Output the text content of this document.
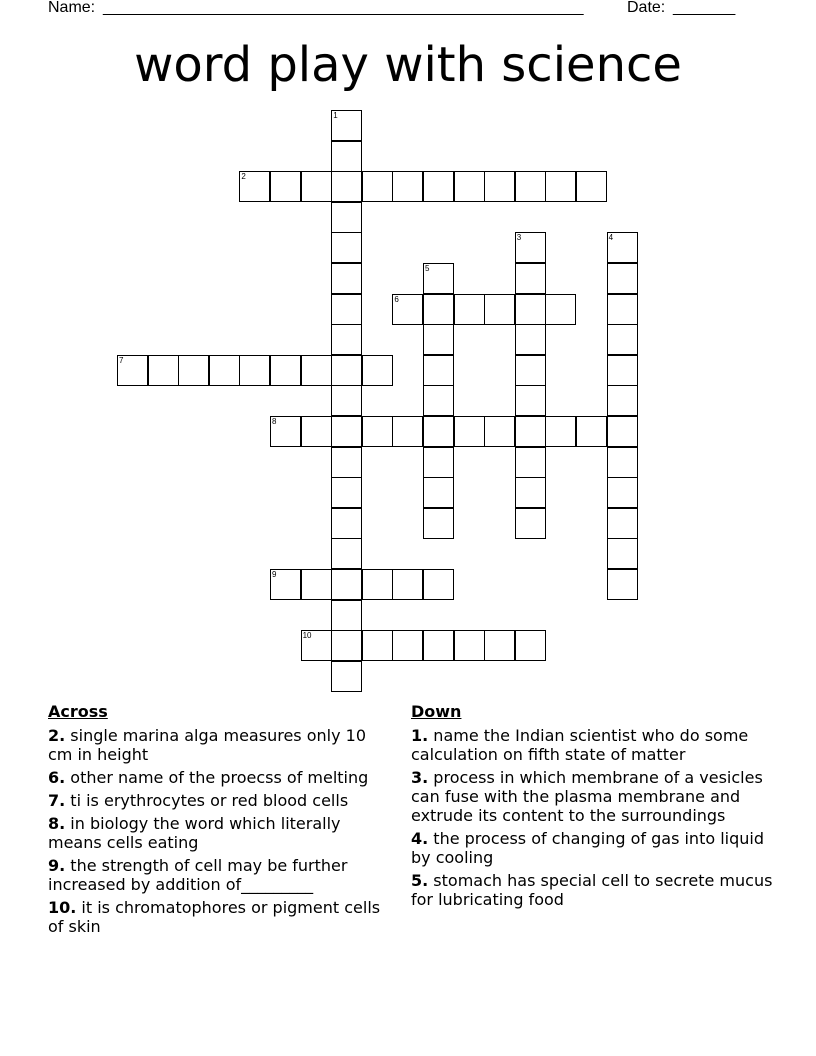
Name: ______________________________________________________	Date: _______
word play with science
1
2
3	4
5
6
7
8
9
10
Across
2. single marina alga measures only 10 cm in height
6. other name of the proecss of melting
7. ti is erythrocytes or red blood cells
8. in biology the word which literally means cells eating
9. the strength of cell may be further increased by addition of_________
10. it is chromatophores or pigment cells of skin
Down
1. name the Indian scientist who do some calculation on fifth state of matter
3. process in which membrane of a vesicles can fuse with the plasma membrane and extrude its content to the surroundings
4. the process of changing of gas into liquid by cooling
5. stomach has special cell to secrete mucus for lubricating food
